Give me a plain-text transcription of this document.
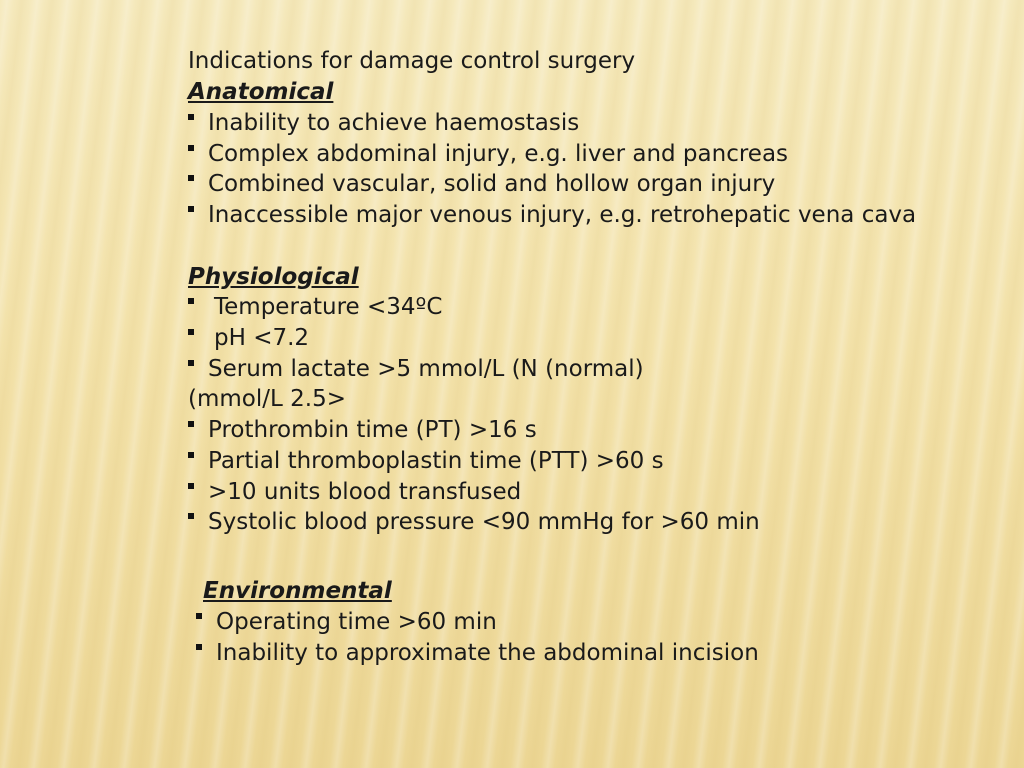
Indications for damage control surgery
Anatomical
Inability to achieve haemostasis
Complex abdominal injury, e.g. liver and pancreas
Combined vascular, solid and hollow organ injury
Inaccessible major venous injury, e.g. retrohepatic vena cava
Physiological
Temperature <34ºC
pH <7.2
Serum lactate >5 mmol/L (N (normal)
(mmol/L 2.5>
Prothrombin time (PT) >16 s
Partial thromboplastin time (PTT) >60 s
>10 units blood transfused
Systolic blood pressure <90 mmHg for >60 min
Environmental
Operating time >60 min
Inability to approximate the abdominal incision
